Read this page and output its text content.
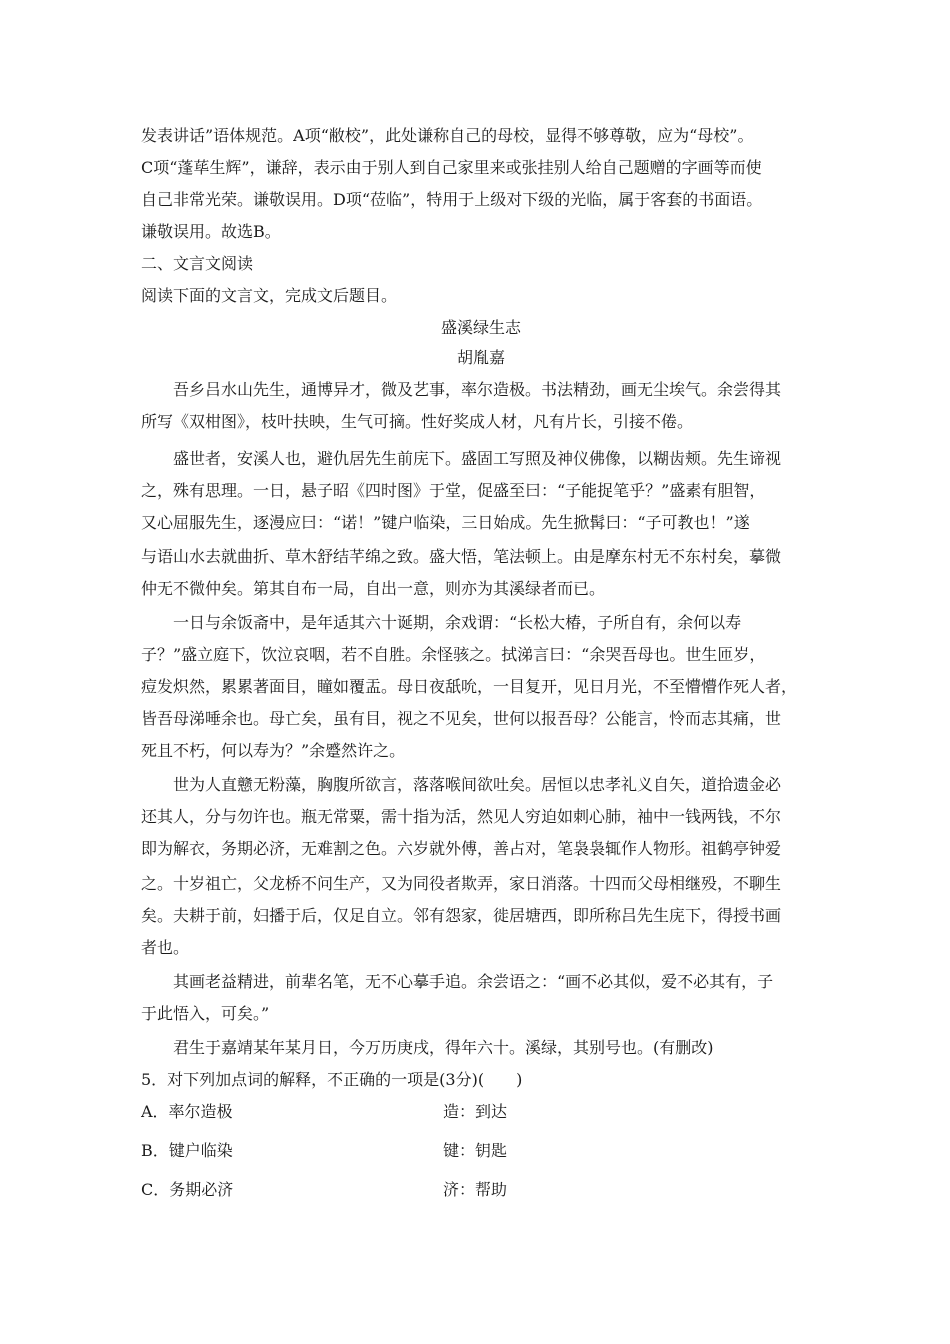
发表讲话”语体规范。A项“敝校”，此处谦称自己的母校，显得不够尊敬，应为“母校”。
C项“蓬荜生辉”，谦辞，表示由于别人到自己家里来或张挂别人给自己题赠的字画等而使
自己非常光荣。谦敬误用。D项“莅临”，特用于上级对下级的光临，属于客套的书面语。
谦敬误用。故选B。
二、文言文阅读
阅读下面的文言文，完成文后题目。
盛溪绿生志
胡胤嘉
吾乡吕水山先生，通博异才，微及艺事，率尔造极。书法精劲，画无尘埃气。余尝得其
所写《双柑图》，枝叶扶映，生气可摘。性好奖成人材，凡有片长，引接不倦。
盛世者，安溪人也，避仇居先生前庑下。盛固工写照及神仪佛像，以糊齿颊。先生谛视
之，殊有思理。一日，悬子昭《四时图》于堂，促盛至曰：“子能捉笔乎？”盛素有胆智，
又心屈服先生，逐漫应曰：“诺！”键户临染，三日始成。先生掀髯曰：“子可教也！”遂
与语山水去就曲折、草木舒结芊绵之致。盛大悟，笔法顿上。由是摩东村无不东村矣，摹微
仲无不微仲矣。第其自布一局，自出一意，则亦为其溪绿者而已。
一日与余饭斋中，是年适其六十诞期，余戏谓：“长松大椿，子所自有，余何以寿
子？”盛立庭下，饮泣哀咽，若不自胜。余怪骇之。拭涕言曰：“余哭吾母也。世生匝岁，
痘发炽然，累累著面目，瞳如覆盂。母日夜舐吮，一目复开，见日月光，不至懵懵作死人者，
皆吾母涕唾余也。母亡矣，虽有目，视之不见矣，世何以报吾母？公能言，怜而志其痛，世
死且不朽，何以寿为？”余蹙然许之。
世为人直戆无粉藻，胸腹所欲言，落落喉间欲吐矣。居恒以忠孝礼义自矢，道拾遗金必
还其人，分与勿许也。瓶无常粟，需十指为活，然见人穷迫如刺心肺，袖中一钱两钱，不尔
即为解衣，务期必济，无难割之色。六岁就外傅，善占对，笔袅袅辄作人物形。祖鹤亭钟爱
之。十岁祖亡，父龙桥不问生产，又为同役者欺弄，家日消落。十四而父母相继殁，不聊生
矣。夫耕于前，妇播于后，仅足自立。邻有怨家，徙居塘西，即所称吕先生庑下，得授书画
者也。
其画老益精进，前辈名笔，无不心摹手追。余尝语之：“画不必其似，爱不必其有，子
于此悟入，可矣。”
君生于嘉靖某年某月日，今万历庚戌，得年六十。溪绿，其别号也。(有删改)
5．对下列加点词的解释，不正确的一项是(3分)(　　)
A．率尔造极	造：到达
B．键户临染	键：钥匙
C．务期必济	济：帮助
